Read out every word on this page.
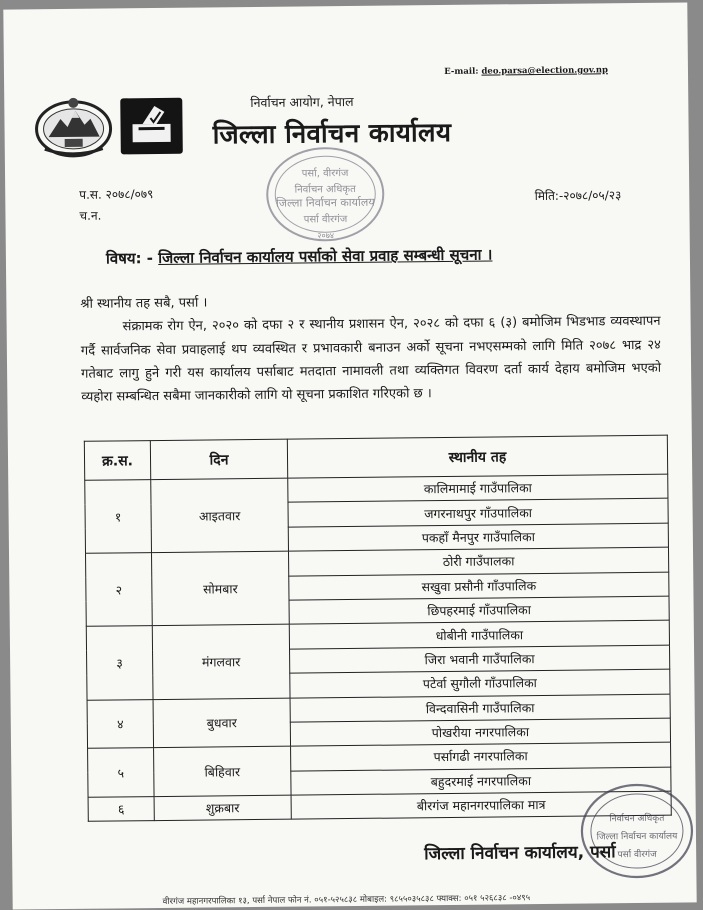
E-mail: deo.parsa@election.gov.np
निर्वाचन आयोग, नेपाल
जिल्ला निर्वाचन कार्यालय
पर्सा, वीरगंज
निर्वाचन अधिकृत
जिल्ला निर्वाचन कार्यालय
पर्सा वीरगंज
२०७४
प.स. २०७८/०७९
च.न.
मिति:-२०७८/०५/२३
विषय: - जिल्ला निर्वाचन कार्यालय पर्साको सेवा प्रवाह सम्बन्धी सूचना ।

श्री स्थानीय तह सबै, पर्सा ।

संक्रामक रोग ऐन, २०२० को दफा २ र स्थानीय प्रशासन ऐन, २०२८ को दफा ६ (३) बमोजिम भिडभाड व्यवस्थापन गर्दै सार्वजनिक सेवा प्रवाहलाई थप व्यवस्थित र प्रभावकारी बनाउन अर्को सूचना नभएसम्मको लागि मिति २०७८ भाद्र २४ गतेबाट लागु हुने गरी यस कार्यालय पर्साबाट मतदाता नामावली तथा व्यक्तिगत विवरण दर्ता कार्य देहाय बमोजिम भएको व्यहोरा सम्बन्धित सबैमा जानकारीको लागि यो सूचना प्रकाशित गरिएको छ ।

क्र.स.	दिन	स्थानीय तह
१	आइतवार	कालिमामाई गाउँपालिका
		जगरनाथपुर गाँउपालिका
		पकहाँ मैनपुर गाउँपालिका
२	सोमबार	ठोरी गाउँपालका
		सखुवा प्रसौनी गाँउपालिक
		छिपहरमाई गाँउपालिका
३	मंगलवार	धोबीनी गाउँपालिका
		जिरा भवानी गाउँपालिका
		पटेर्वा सुगौली गाँउपालिका
४	बुधवार	विन्दवासिनी गाउँपालिका
		पोखरीया नगरपालिका
५	बिहिवार	पर्सागढी नगरपालिका
		बहुदरमाई नगरपालिका
६	शुक्रबार	बीरगंज महानगरपालिका मात्र
निर्वाचन अधिकृत
जिल्ला निर्वाचन कार्यालय
पर्सा वीरगंज
जिल्ला निर्वाचन कार्यालय, पर्सा
वीरगंज महानगरपालिका १३, पर्सा नेपाल फोन नं. ०५१-५२५८३८ मोबाइल: ९८५५०३५८३८ फ्याक्स: ०५१ ५२६८३८ -०४९५
